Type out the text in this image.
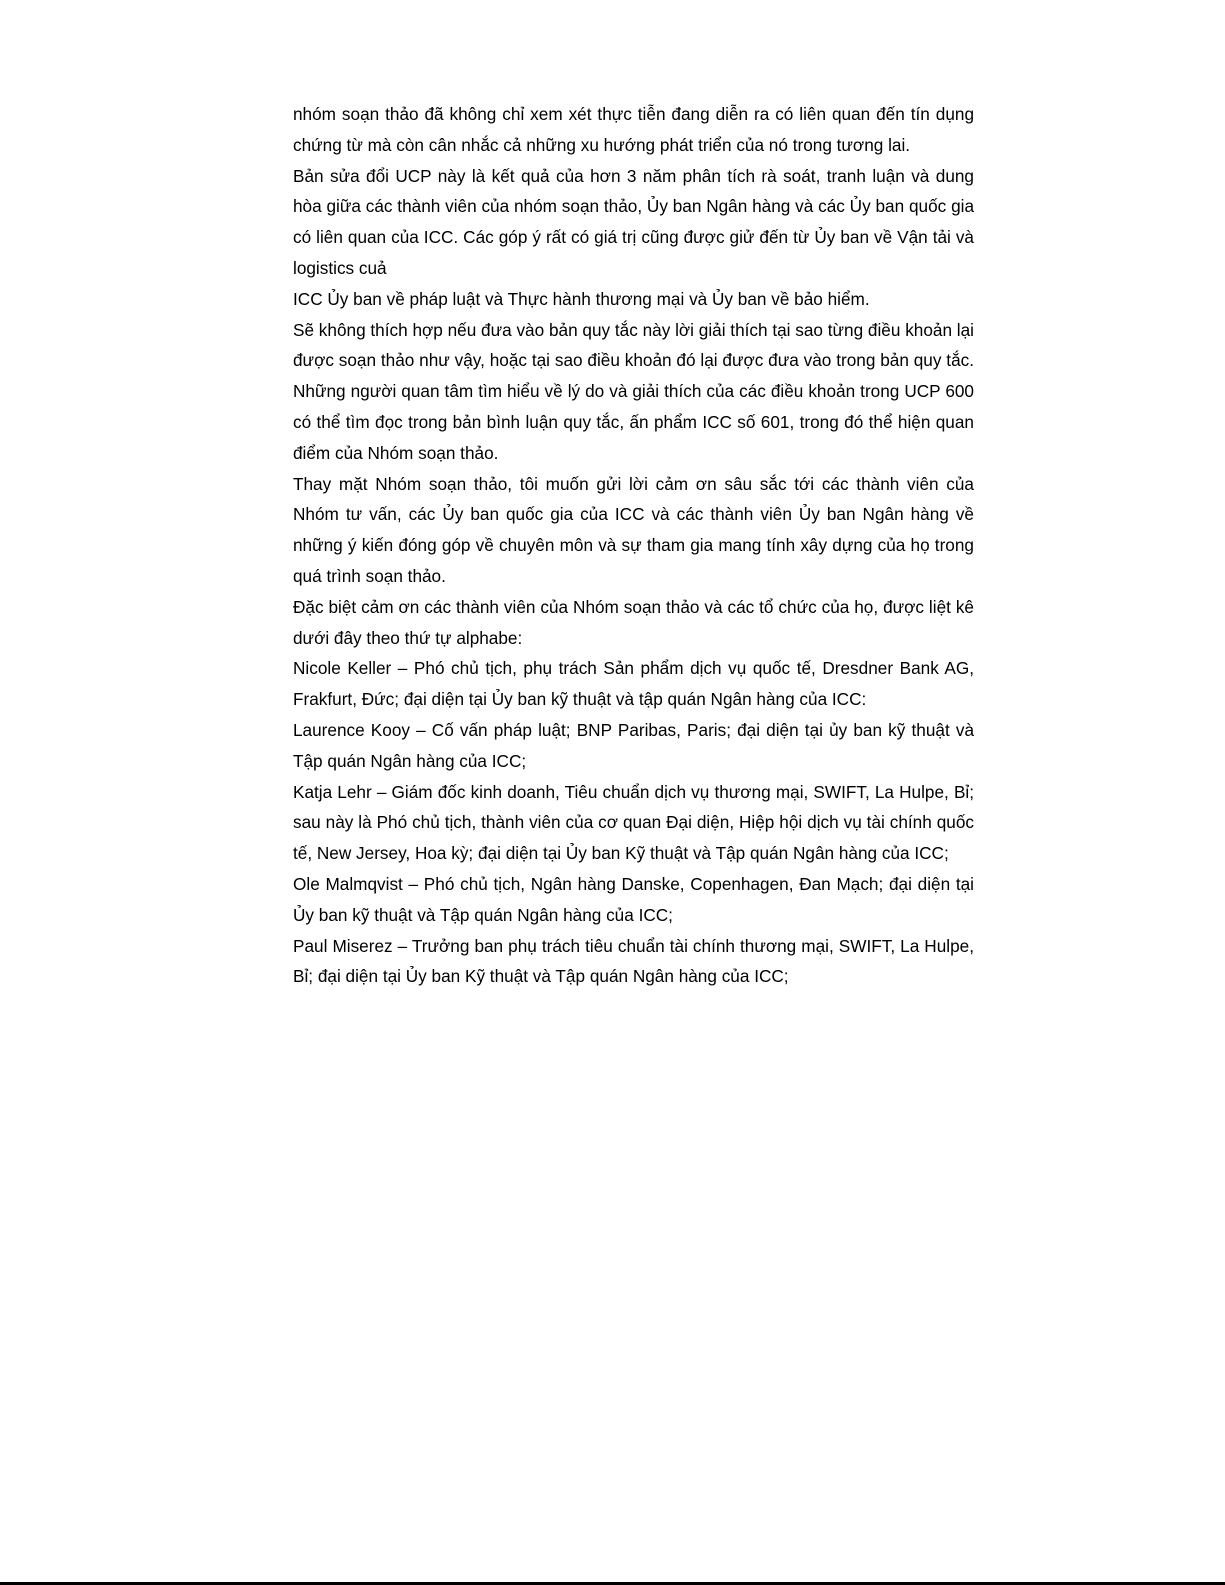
nhóm soạn thảo đã không chỉ xem xét thực tiễn đang diễn ra có liên quan đến tín dụng chứng từ mà còn cân nhắc cả những xu hướng phát triển của nó trong tương lai.

Bản sửa đổi UCP này là kết quả của hơn 3 năm phân tích rà soát, tranh luận và dung hòa giữa các thành viên của nhóm soạn thảo, Ủy ban Ngân hàng và các Ủy ban quốc gia có liên quan của ICC. Các góp ý rất có giá trị cũng được giử đến từ Ủy ban về Vận tải và logistics cuả

ICC Ủy ban về pháp luật và Thực hành thương mại và Ủy ban về bảo hiểm.

Sẽ không thích hợp nếu đưa vào bản quy tắc này lời giải thích tại sao từng điều khoản lại được soạn thảo như vậy, hoặc tại sao điều khoản đó lại được đưa vào trong bản quy tắc. Những người quan tâm tìm hiểu về lý do và giải thích của các điều khoản trong UCP 600 có thể tìm đọc trong bản bình luận quy tắc, ấn phẩm ICC số 601, trong đó thể hiện quan điểm của Nhóm soạn thảo.

Thay mặt Nhóm soạn thảo, tôi muốn gửi lời cảm ơn sâu sắc tới các thành viên của Nhóm tư vấn, các Ủy ban quốc gia của ICC và các thành viên Ủy ban Ngân hàng về những ý kiến đóng góp về chuyên môn và sự tham gia mang tính xây dựng của họ trong quá trình soạn thảo.

Đặc biệt cảm ơn các thành viên của Nhóm soạn thảo và các tổ chức của họ, được liệt kê dưới đây theo thứ tự alphabe:

Nicole Keller – Phó chủ tịch, phụ trách Sản phẩm dịch vụ quốc tế, Dresdner Bank AG, Frakfurt, Đức; đại diện tại Ủy ban kỹ thuật và tập quán Ngân hàng của ICC:

Laurence Kooy – Cố vấn pháp luật; BNP Paribas, Paris; đại diện tại ủy ban kỹ thuật và Tập quán Ngân hàng của ICC;

Katja Lehr – Giám đốc kinh doanh, Tiêu chuẩn dịch vụ thương mại, SWIFT, La Hulpe, Bỉ; sau này là Phó chủ tịch, thành viên của cơ quan Đại diện, Hiệp hội dịch vụ tài chính quốc tế, New Jersey, Hoa kỳ; đại diện tại Ủy ban Kỹ thuật và Tập quán Ngân hàng của ICC;

Ole Malmqvist – Phó chủ tịch, Ngân hàng Danske, Copenhagen, Đan Mạch; đại diện tại Ủy ban kỹ thuật và Tập quán Ngân hàng của ICC;

Paul Miserez – Trưởng ban phụ trách tiêu chuẩn tài chính thương mại, SWIFT, La Hulpe, Bỉ; đại diện tại Ủy ban Kỹ thuật và Tập quán Ngân hàng của ICC;
